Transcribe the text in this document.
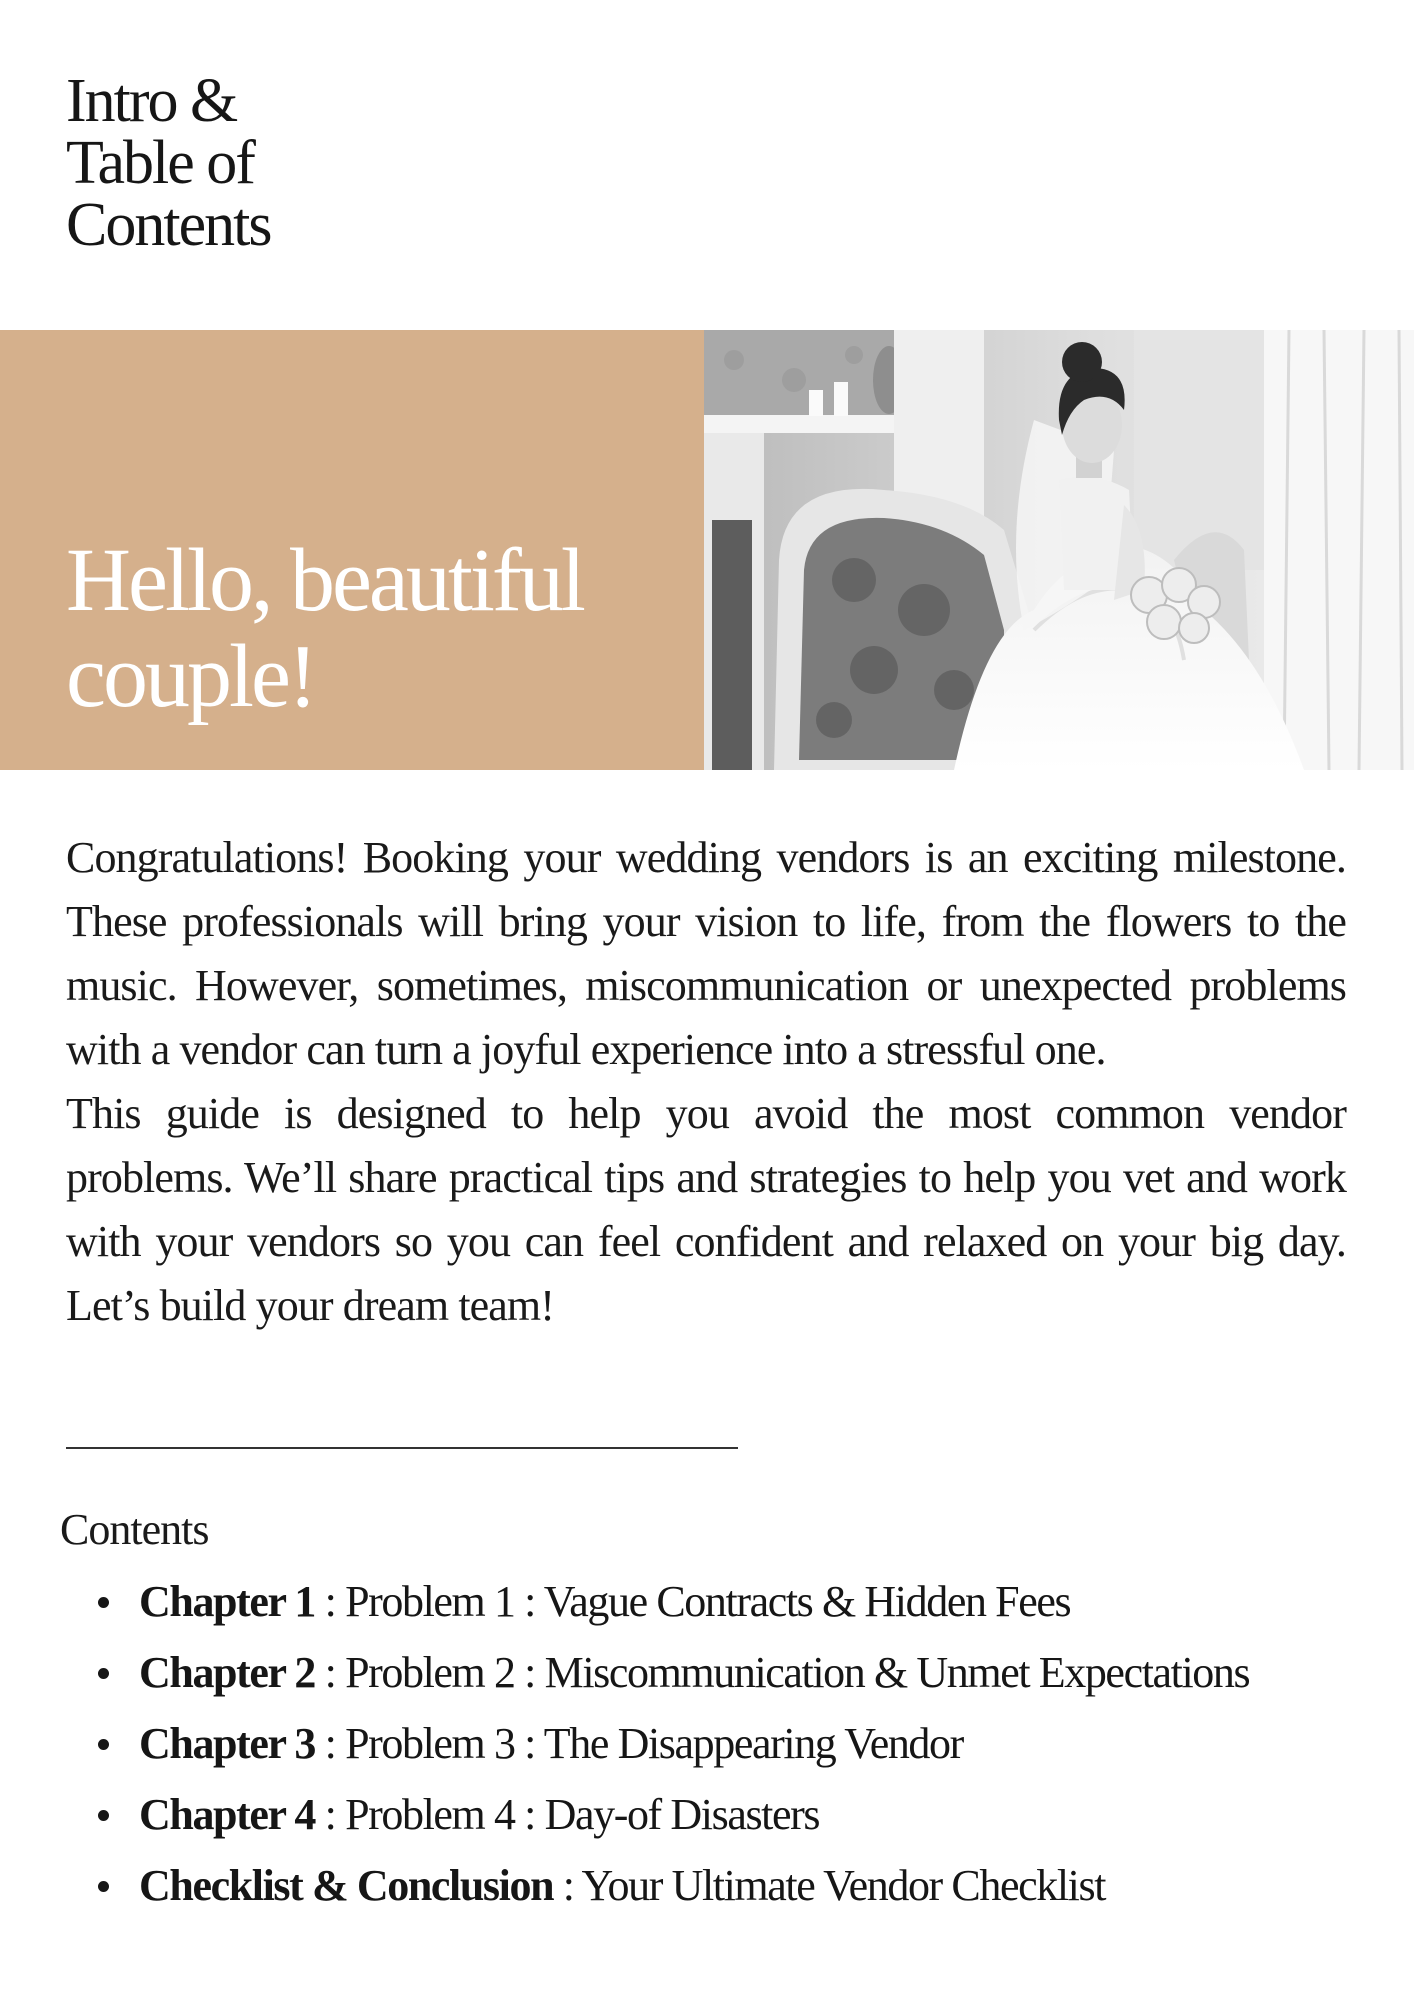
Intro &
Table of
Contents
Hello, beautiful
couple!

Congratulations! Booking your wedding vendors is an exciting milestone. These professionals will bring your vision to life, from the flowers to the music. However, sometimes, miscommunication or unexpected problems with a vendor can turn a joyful experience into a stressful one.

This guide is designed to help you avoid the most common vendor problems. We’ll share practical tips and strategies to help you vet and work with your vendors so you can feel confident and relaxed on your big day. Let’s build your dream team!

Contents
Chapter 1 : Problem 1 : Vague Contracts & Hidden Fees
Chapter 2 : Problem 2 : Miscommunication & Unmet Expectations
Chapter 3 : Problem 3 : The Disappearing Vendor
Chapter 4 : Problem 4 : Day-of Disasters
Checklist & Conclusion : Your Ultimate Vendor Checklist
